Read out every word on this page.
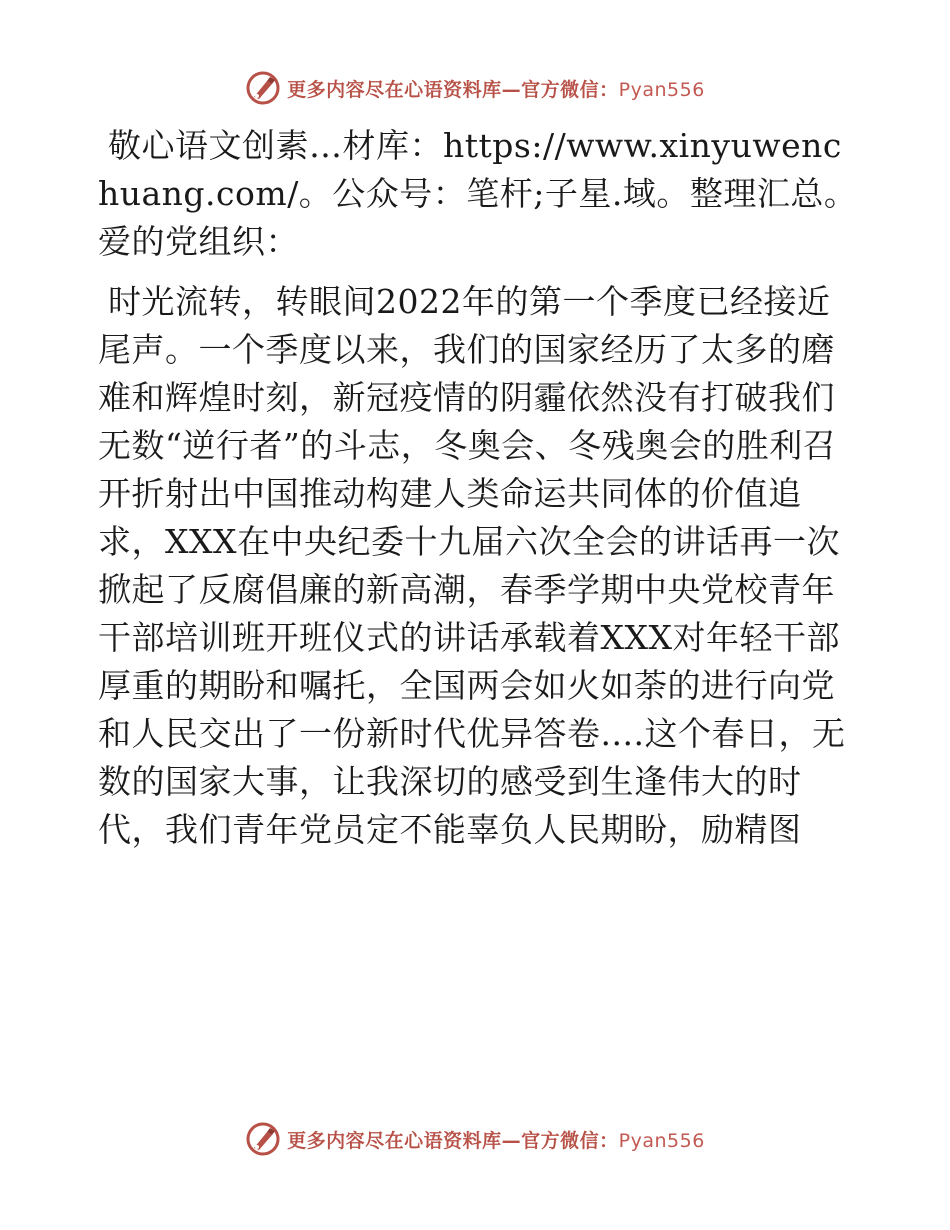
更多内容尽在心语资料库—官方微信：Pyan556

敬心语文创素…材库：https://www.xinyuwenchuang.com/。公众号：笔杆;子星.域。整理汇总。爱的党组织：

时光流转，转眼间2022年的第一个季度已经接近尾声。一个季度以来，我们的国家经历了太多的磨难和辉煌时刻，新冠疫情的阴霾依然没有打破我们无数“逆行者”的斗志，冬奥会、冬残奥会的胜利召开折射出中国推动构建人类命运共同体的价值追求，XXX在中央纪委十九届六次全会的讲话再一次掀起了反腐倡廉的新高潮，春季学期中央党校青年干部培训班开班仪式的讲话承载着XXX对年轻干部厚重的期盼和嘱托，全国两会如火如荼的进行向党和人民交出了一份新时代优异答卷....这个春日，无数的国家大事，让我深切的感受到生逢伟大的时代，我们青年党员定不能辜负人民期盼，励精图

更多内容尽在心语资料库—官方微信：Pyan556
